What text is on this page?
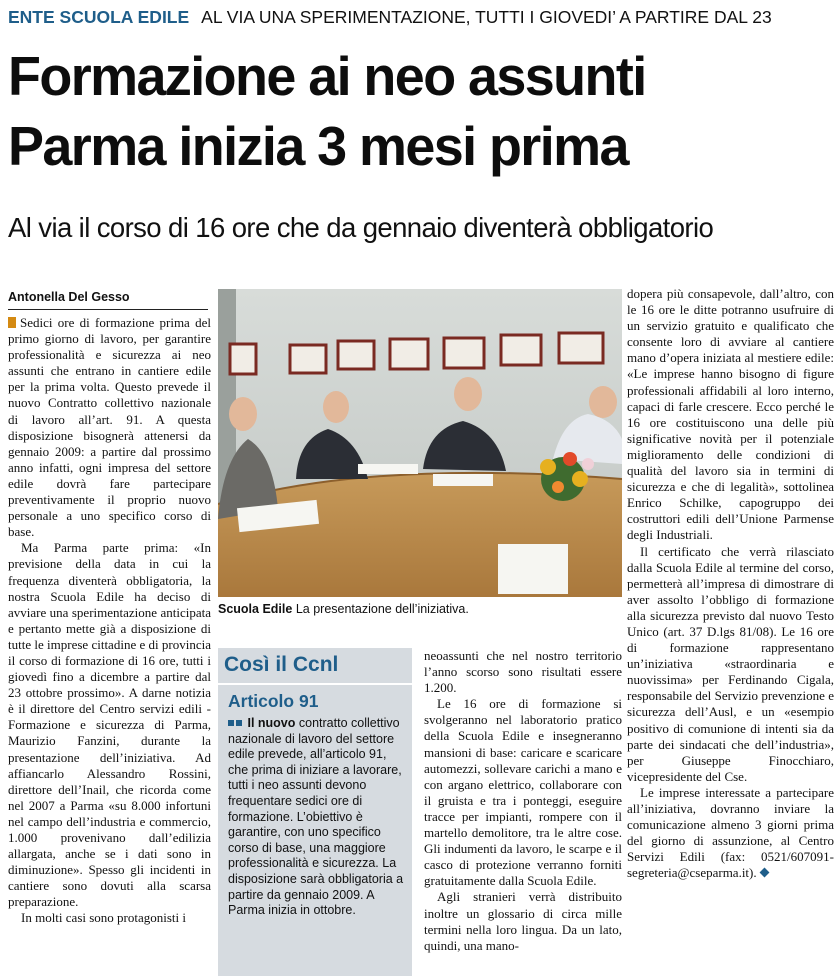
ENTE SCUOLA EDILE AL VIA UNA SPERIMENTAZIONE, TUTTI I GIOVEDI’ A PARTIRE DAL 23
Formazione ai neo assunti
Parma inizia 3 mesi prima
Al via il corso di 16 ore che da gennaio diventerà obbligatorio
Antonella Del Gesso

Sedici ore di formazione prima del primo giorno di lavoro, per garantire professionalità e sicurezza ai neo assunti che entrano in cantiere edile per la prima volta. Questo prevede il nuovo Contratto collettivo nazionale di lavoro all’art. 91. A questa disposizione bisognerà attenersi da gennaio 2009: a partire dal prossimo anno infatti, ogni impresa del settore edile dovrà fare partecipare preventivamente il proprio nuovo personale a uno specifico corso di base.

Ma Parma parte prima: «In previsione della data in cui la frequenza diventerà obbligatoria, la nostra Scuola Edile ha deciso di avviare una sperimentazione anticipata e pertanto mette già a disposizione di tutte le imprese cittadine e di provincia il corso di formazione di 16 ore, tutti i giovedì fino a dicembre a partire dal 23 ottobre prossimo». A darne notizia è il direttore del Centro servizi edili - Formazione e sicurezza di Parma, Maurizio Fanzini, durante la presentazione dell’iniziativa. Ad affiancarlo Alessandro Rossini, direttore dell’Inail, che ricorda come nel 2007 a Parma «su 8.000 infortuni nel campo dell’industria e commercio, 1.000 provenivano dall’edilizia allargata, anche se i dati sono in diminuzione». Spesso gli incidenti in cantiere sono dovuti alla scarsa preparazione.

In molti casi sono protagonisti i

Scuola Edile La presentazione dell’iniziativa.

dopera più consapevole, dall’altro, con le 16 ore le ditte potranno usufruire di un servizio gratuito e qualificato che consente loro di avviare al cantiere mano d’opera iniziata al mestiere edile: «Le imprese hanno bisogno di figure professionali affidabili al loro interno, capaci di farle crescere. Ecco perché le 16 ore costituiscono una delle più significative novità per il potenziale miglioramento delle condizioni di qualità del lavoro sia in termini di sicurezza e che di legalità», sottolinea Enrico Schilke, capogruppo dei costruttori edili dell’Unione Parmense degli Industriali.

Il certificato che verrà rilasciato dalla Scuola Edile al termine del corso, permetterà all’impresa di dimostrare di aver assolto l’obbligo di formazione alla sicurezza previsto dal nuovo Testo Unico (art. 37 D.lgs 81/08). Le 16 ore di formazione rappresentano un’iniziativa «straordinaria e nuovissima» per Ferdinando Cigala, responsabile del Servizio prevenzione e sicurezza dell’Ausl, e un «esempio positivo di comunione di intenti sia da parte dei sindacati che dell’industria», per Giuseppe Finocchiaro, vicepresidente del Cse.

Le imprese interessate a partecipare all’iniziativa, dovranno inviare la comunicazione almeno 3 giorni prima del giorno di assunzione, al Centro Servizi Edili (fax: 0521/607091- segreteria@cseparma.it).

Così il Ccnl
Articolo 91
Il nuovo contratto collettivo nazionale di lavoro del settore edile prevede, all’articolo 91, che prima di iniziare a lavorare, tutti i neo assunti devono frequentare sedici ore di formazione. L’obiettivo è garantire, con uno specifico corso di base, una maggiore professionalità e sicurezza. La disposizione sarà obbligatoria a partire da gennaio 2009. A Parma inizia in ottobre.

neoassunti che nel nostro territorio l’anno scorso sono risultati essere 1.200.

Le 16 ore di formazione si svolgeranno nel laboratorio pratico della Scuola Edile e insegneranno mansioni di base: caricare e scaricare automezzi, sollevare carichi a mano e con argano elettrico, collaborare con il gruista e tra i ponteggi, eseguire tracce per impianti, rompere con il martello demolitore, tra le altre cose. Gli indumenti da lavoro, le scarpe e il casco di protezione verranno forniti gratuitamente dalla Scuola Edile.

Agli stranieri verrà distribuito inoltre un glossario di circa mille termini nella loro lingua. Da un lato, quindi, una mano-
